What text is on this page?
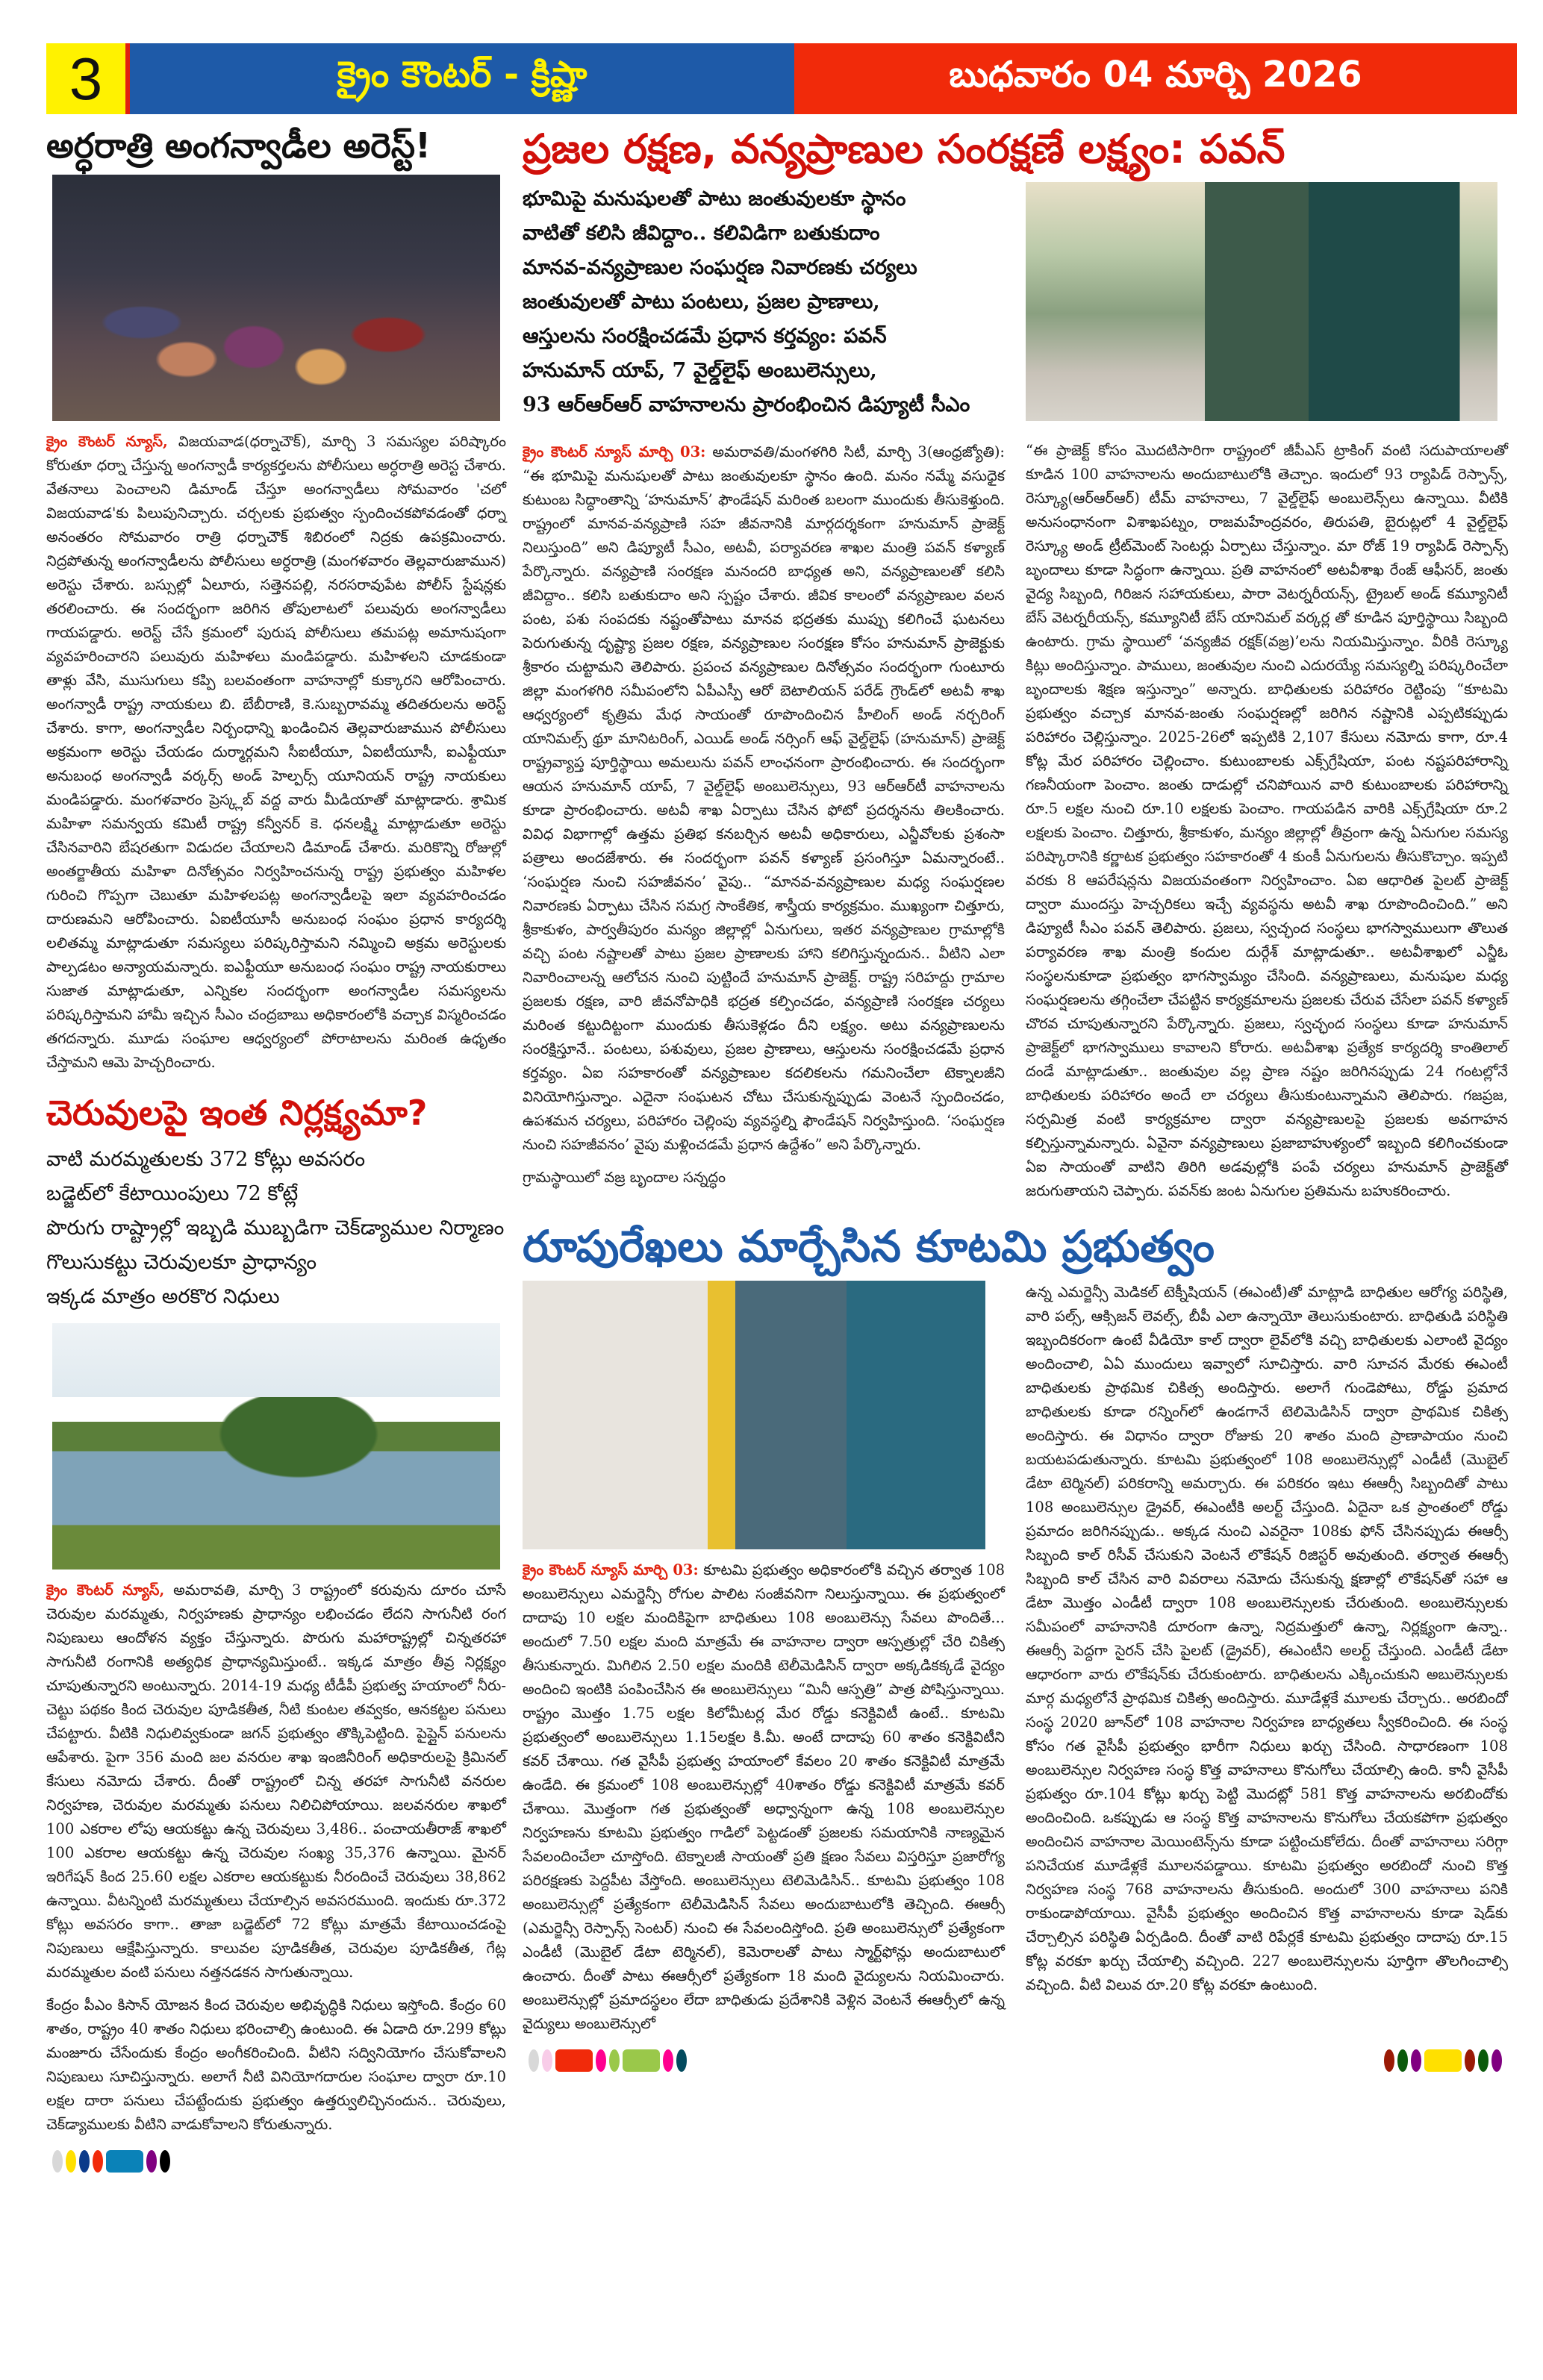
3	క్రైం కౌంటర్ - క్రిష్ణా	బుధవారం 04 మార్చి 2026
అర్ధరాత్రి అంగన్వాడీల అరెస్ట్!
క్రైం కౌంటర్ న్యూస్, విజయవాడ(ధర్నాచౌక్), మార్చి 3 సమస్యల పరిష్కారం కోరుతూ ధర్నా చేస్తున్న అంగన్వాడీ కార్యకర్తలను పోలీసులు అర్ధరాత్రి అరెస్ట చేశారు. వేతనాలు పెంచాలని డిమాండ్ చేస్తూ అంగన్వాడీలు సోమవారం 'చలో విజయవాడ'కు పిలుపునిచ్చారు. చర్చలకు ప్రభుత్వం స్పందించకపోవడంతో ధర్నా అనంతరం సోమవారం రాత్రి ధర్నాచౌక్ శిబిరంలో నిద్రకు ఉపక్రమించారు. నిద్రపోతున్న అంగన్వాడీలను పోలీసులు అర్ధరాత్రి (మంగళవారం తెల్లవారుజామున) అరెస్టు చేశారు. బస్సుల్లో ఏలూరు, సత్తెనపల్లి, నరసరావుపేట పోలీస్ స్టేషన్లకు తరలించారు. ఈ సందర్భంగా జరిగిన తోపులాటలో పలువురు అంగన్వాడీలు గాయపడ్డారు. అరెస్ట్ చేసే క్రమంలో పురుష పోలీసులు తమపట్ల అమానుషంగా వ్యవహరించారని పలువురు మహిళలు మండిపడ్డారు. మహిళలని చూడకుండా తాళ్లు వేసి, ముసుగులు కప్పి బలవంతంగా వాహనాల్లో కుక్కారని ఆరోపించారు. అంగన్వాడీ రాష్ట్ర నాయకులు బి. బేబీరాణి, కె.సుబ్బరావమ్మ తదితరులను అరెస్ట్ చేశారు. కాగా, అంగన్వాడీల నిర్బంధాన్ని ఖండించిన తెల్లవారుజామున పోలీసులు అక్రమంగా అరెస్టు చేయడం దుర్మార్గమని సీఐటీయూ, ఏఐటీయూసీ, ఐఎఫ్టీయూ అనుబంధ అంగన్వాడీ వర్కర్స్ అండ్ హెల్పర్స్ యూనియన్ రాష్ట్ర నాయకులు మండిపడ్డారు. మంగళవారం ప్రెస్క్లబ్ వద్ద వారు మీడియాతో మాట్లాడారు. శ్రామిక మహిళా సమన్వయ కమిటీ రాష్ట్ర కన్వీనర్ కె. ధనలక్ష్మి మాట్లాడుతూ అరెస్టు చేసినవారిని బేషరతుగా విడుదల చేయాలని డిమాండ్ చేశారు. మరికొన్ని రోజుల్లో అంతర్జాతీయ మహిళా దినోత్సవం నిర్వహించనున్న రాష్ట్ర ప్రభుత్వం మహిళల గురించి గొప్పగా చెబుతూ మహిళలపట్ల అంగన్వాడీలపై ఇలా వ్యవహరించడం దారుణమని ఆరోపించారు. ఏఐటీయూసీ అనుబంధ సంఘం ప్రధాన కార్యదర్శి లలితమ్మ మాట్లాడుతూ సమస్యలు పరిష్కరిస్తామని నమ్మించి అక్రమ అరెస్టులకు పాల్పడటం అన్యాయమన్నారు. ఐఎఫ్టీయూ అనుబంధ సంఘం రాష్ట్ర నాయకురాలు సుజాత మాట్లాడుతూ, ఎన్నికల సందర్భంగా అంగన్వాడీల సమస్యలను పరిష్కరిస్తామని హామీ ఇచ్చిన సీఎం చంద్రబాబు అధికారంలోకి వచ్చాక విస్మరించడం తగదన్నారు. మూడు సంఘాల ఆధ్వర్యంలో పోరాటాలను మరింత ఉధృతం చేస్తామని ఆమె హెచ్చరించారు.
చెరువులపై ఇంత నిర్లక్ష్యమా?
వాటి మరమ్మతులకు 372 కోట్లు అవసరం
బడ్జెట్‌లో కేటాయింపులు 72 కోట్లే
పొరుగు రాష్ట్రాల్లో ఇబ్బడి ముబ్బడిగా చెక్‌డ్యాముల నిర్మాణం
గొలుసుకట్టు చెరువులకూ ప్రాధాన్యం
ఇక్కడ మాత్రం అరకొర నిధులు
క్రైం కౌంటర్ న్యూస్, అమరావతి, మార్చి 3 రాష్ట్రంలో కరువును దూరం చూసే చెరువుల మరమ్మతు, నిర్వహణకు ప్రాధాన్యం లభించడం లేదని సాగునీటి రంగ నిపుణులు ఆందోళన వ్యక్తం చేస్తున్నారు. పొరుగు మహారాష్ట్రల్లో చిన్నతరహా సాగునీటి రంగానికి అత్యధిక ప్రాధాన్యమిస్తుంటే.. ఇక్కడ మాత్రం తీవ్ర నిర్లక్ష్యం చూపుతున్నారని అంటున్నారు. 2014-19 మధ్య టీడీపీ ప్రభుత్వ హయాంలో నీరు-చెట్టు పథకం కింద చెరువుల పూడికతీత, నీటి కుంటల తవ్వకం, ఆనకట్టల పనులు చేపట్టారు. వీటికి నిధులివ్వకుండా జగన్ ప్రభుత్వం తొక్కిపెట్టింది. పైప్లైన్ పనులను ఆపేశారు. పైగా 356 మంది జల వనరుల శాఖ ఇంజినీరింగ్ అధికారులపై క్రిమినల్ కేసులు నమోదు చేశారు. దీంతో రాష్ట్రంలో చిన్న తరహా సాగునీటి వనరుల నిర్వహణ, చెరువుల మరమ్మతు పనులు నిలిచిపోయాయి. జలవనరుల శాఖలో 100 ఎకరాల లోపు ఆయకట్టు ఉన్న చెరువులు 3,486.. పంచాయతీరాజ్ శాఖలో 100 ఎకరాల ఆయకట్టు ఉన్న చెరువుల సంఖ్య 35,376 ఉన్నాయి. మైనర్ ఇరిగేషన్ కింద 25.60 లక్షల ఎకరాల ఆయకట్టుకు నీరందించే చెరువులు 38,862 ఉన్నాయి. వీటన్నింటి మరమ్మతులు చేయాల్సిన అవసరముంది. ఇందుకు రూ.372 కోట్లు అవసరం కాగా.. తాజా బడ్జెట్‌లో 72 కోట్లు మాత్రమే కేటాయించడంపై నిపుణులు ఆక్షేపిస్తున్నారు. కాలువల పూడికతీత, చెరువుల పూడికతీత, గేట్ల మరమ్మతుల వంటి పనులు నత్తనడకన సాగుతున్నాయి.
కేంద్రం పీఎం కిసాన్ యోజన కింద చెరువుల అభివృద్ధికి నిధులు ఇస్తోంది. కేంద్రం 60 శాతం, రాష్ట్రం 40 శాతం నిధులు భరించాల్సి ఉంటుంది. ఈ ఏడాది రూ.299 కోట్లు మంజూరు చేసేందుకు కేంద్రం అంగీకరించింది. వీటిని సద్వినియోగం చేసుకోవాలని నిపుణులు సూచిస్తున్నారు. అలాగే నీటి వినియోగదారుల సంఘాల ద్వారా రూ.10 లక్షల దారా పనులు చేపట్టేందుకు ప్రభుత్వం ఉత్తర్వులిచ్చినందున.. చెరువులు, చెక్‌డ్యాములకు వీటిని వాడుకోవాలని కోరుతున్నారు.
ప్రజల రక్షణ, వన్యప్రాణుల సంరక్షణే లక్ష్యం: పవన్
భూమిపై మనుషులతో పాటు జంతువులకూ స్థానం
వాటితో కలిసి జీవిద్దాం.. కలివిడిగా బతుకుదాం
మానవ-వన్యప్రాణుల సంఘర్షణ నివారణకు చర్యలు
జంతువులతో పాటు పంటలు, ప్రజల ప్రాణాలు,
ఆస్తులను సంరక్షించడమే ప్రధాన కర్తవ్యం: పవన్
హనుమాన్ యాప్, 7 వైల్డ్‌లైఫ్ అంబులెన్సులు,
93 ఆర్‌ఆర్‌ఆర్ వాహనాలను ప్రారంభించిన డిప్యూటీ సీఎం
క్రైం కౌంటర్ న్యూస్ మార్చి 03: అమరావతి/మంగళగిరి సిటీ, మార్చి 3(ఆంధ్రజ్యోతి): “ఈ భూమిపై మనుషులతో పాటు జంతువులకూ స్థానం ఉంది. మనం నమ్మే వసుధైక కుటుంబ సిద్ధాంతాన్ని ‘హనుమాన్’ ఫౌండేషన్ మరింత బలంగా ముందుకు తీసుకెళ్తుంది. రాష్ట్రంలో మానవ-వన్యప్రాణి సహ జీవనానికి మార్గదర్శకంగా హనుమాన్ ప్రాజెక్ట్ నిలుస్తుంది” అని డిప్యూటీ సీఎం, అటవీ, పర్యావరణ శాఖల మంత్రి పవన్ కళ్యాణ్ పేర్కొన్నారు. వన్యప్రాణి సంరక్షణ మనందరి బాధ్యత అని, వన్యప్రాణులతో కలిసి జీవిద్దాం.. కలిసి బతుకుదాం అని స్పష్టం చేశారు. జీవిక కాలంలో వన్యప్రాణుల వలన పంట, పశు సంపదకు నష్టంతోపాటు మానవ భద్రతకు ముప్పు కలిగించే ఘటనలు పెరుగుతున్న దృష్ట్యా ప్రజల రక్షణ, వన్యప్రాణుల సంరక్షణ కోసం హనుమాన్ ప్రాజెక్టుకు శ్రీకారం చుట్టామని తెలిపారు. ప్రపంచ వన్యప్రాణుల దినోత్సవం సందర్భంగా గుంటూరు జిల్లా మంగళగిరి సమీపంలోని ఏపీఎస్పీ ఆరో బెటాలియన్ పరేడ్ గ్రౌండ్‌లో అటవీ శాఖ ఆధ్వర్యంలో కృత్రిమ మేధ సాయంతో రూపొందించిన హీలింగ్ అండ్ నర్చరింగ్ యానిమల్స్ థ్రూ మానిటరింగ్, ఎయిడ్ అండ్ నర్సింగ్ ఆఫ్ వైల్డ్‌లైఫ్ (హనుమాన్) ప్రాజెక్ట్ రాష్ట్రవ్యాప్త పూర్తిస్థాయి అమలును పవన్ లాంఛనంగా ప్రారంభించారు. ఈ సందర్భంగా ఆయన హనుమాన్ యాప్, 7 వైల్డ్‌లైఫ్ అంబులెన్సులు, 93 ఆర్‌ఆర్‌టీ వాహనాలను కూడా ప్రారంభించారు. అటవీ శాఖ ఏర్పాటు చేసిన ఫోటో ప్రదర్శనను తిలకించారు. వివిధ విభాగాల్లో ఉత్తమ ప్రతిభ కనబర్చిన అటవీ అధికారులు, ఎన్జీవోలకు ప్రశంసా పత్రాలు అందజేశారు. ఈ సందర్భంగా పవన్ కళ్యాణ్ ప్రసంగిస్తూ ఏమన్నారంటే.. ‘సంఘర్షణ నుంచి సహజీవనం’ వైపు.. “మానవ-వన్యప్రాణుల మధ్య సంఘర్షణల నివారణకు ఏర్పాటు చేసిన సమగ్ర సాంకేతిక, శాస్త్రీయ కార్యక్రమం. ముఖ్యంగా చిత్తూరు, శ్రీకాకుళం, పార్వతీపురం మన్యం జిల్లాల్లో ఏనుగులు, ఇతర వన్యప్రాణుల గ్రామాల్లోకి వచ్చి పంట నష్టాలతో పాటు ప్రజల ప్రాణాలకు హాని కలిగిస్తున్నందున.. వీటిని ఎలా నివారించాలన్న ఆలోచన నుంచి పుట్టిందే హనుమాన్ ప్రాజెక్ట్. రాష్ట్ర సరిహద్దు గ్రామాల ప్రజలకు రక్షణ, వారి జీవనోపాధికి భద్రత కల్పించడం, వన్యప్రాణి సంరక్షణ చర్యలు మరింత కట్టుదిట్టంగా ముందుకు తీసుకెళ్లడం దీని లక్ష్యం. అటు వన్యప్రాణులను సంరక్షిస్తూనే.. పంటలు, పశువులు, ప్రజల ప్రాణాలు, ఆస్తులను సంరక్షించడమే ప్రధాన కర్తవ్యం. ఏఐ సహకారంతో వన్యప్రాణుల కదలికలను గమనించేలా టెక్నాలజీని వినియోగిస్తున్నాం. ఎదైనా సంఘటన చోటు చేసుకున్నప్పుడు వెంటనే స్పందించడం, ఉపశమన చర్యలు, పరిహారం చెల్లింపు వ్యవస్థల్ని ఫౌండేషన్ నిర్వహిస్తుంది. ‘సంఘర్షణ నుంచి సహజీవనం’ వైపు మళ్లించడమే ప్రధాన ఉద్దేశం” అని పేర్కొన్నారు.
గ్రామస్థాయిలో వజ్ర బృందాల సన్నద్ధం
“ఈ ప్రాజెక్ట్ కోసం మొదటిసారిగా రాష్ట్రంలో జీపీఎస్ ట్రాకింగ్ వంటి సదుపాయాలతో కూడిన 100 వాహనాలను అందుబాటులోకి తెచ్చాం. ఇందులో 93 ర్యాపిడ్ రెస్పాన్స్, రెస్క్యూ(ఆర్‌ఆర్‌ఆర్) టీమ్ వాహనాలు, 7 వైల్డ్‌లైఫ్ అంబులెన్స్‌లు ఉన్నాయి. వీటికి అనుసంధానంగా విశాఖపట్నం, రాజమహేంద్రవరం, తిరుపతి, బైరుట్లలో 4 వైల్డ్‌లైఫ్ రెస్క్యూ అండ్ ట్రీట్‌మెంట్ సెంటర్లు ఏర్పాటు చేస్తున్నాం. మా రోజ్ 19 ర్యాపిడ్ రెస్పాన్స్ బృందాలు కూడా సిద్ధంగా ఉన్నాయి. ప్రతి వాహనంలో అటవీశాఖ రేంజ్ ఆఫీసర్, జంతు వైద్య సిబ్బంది, గిరిజన సహాయకులు, పారా వెటర్నరీయన్స్, ట్రైబల్ అండ్ కమ్యూనిటీ బేస్ వెటర్నరీయన్స్, కమ్యూనిటీ బేస్ యానిమల్ వర్కర్ల తో కూడిన పూర్తిస్థాయి సిబ్బంది ఉంటారు. గ్రామ స్థాయిలో ‘వన్యజీవ రక్షక్(వజ్ర)’లను నియమిస్తున్నాం. వీరికి రెస్క్యూ కిట్లు అందిస్తున్నాం. పాములు, జంతువుల నుంచి ఎదురయ్యే సమస్యల్ని పరిష్కరించేలా బృందాలకు శిక్షణ ఇస్తున్నాం” అన్నారు. బాధితులకు పరిహారం రెట్టింపు “కూటమి ప్రభుత్వం వచ్చాక మానవ-జంతు సంఘర్షణల్లో జరిగిన నష్టానికి ఎప్పటికప్పుడు పరిహారం చెల్లిస్తున్నాం. 2025-26లో ఇప్పటికి 2,107 కేసులు నమోదు కాగా, రూ.4 కోట్ల మేర పరిహారం చెల్లించాం. కుటుంబాలకు ఎక్స్‌గ్రేషియా, పంట నష్టపరిహారాన్ని గణనీయంగా పెంచాం. జంతు దాడుల్లో చనిపోయిన వారి కుటుంబాలకు పరిహారాన్ని రూ.5 లక్షల నుంచి రూ.10 లక్షలకు పెంచాం. గాయపడిన వారికి ఎక్స్‌గ్రేషియా రూ.2 లక్షలకు పెంచాం. చిత్తూరు, శ్రీకాకుళం, మన్యం జిల్లాల్లో తీవ్రంగా ఉన్న ఏనుగుల సమస్య పరిష్కారానికి కర్ణాటక ప్రభుత్వం సహకారంతో 4 కుంకీ ఏనుగులను తీసుకొచ్చాం. ఇప్పటి వరకు 8 ఆపరేషన్లను విజయవంతంగా నిర్వహించాం. ఏఐ ఆధారిత పైలట్ ప్రాజెక్ట్ ద్వారా ముందస్తు హెచ్చరికలు ఇచ్చే వ్యవస్థను అటవీ శాఖ రూపొందించింది.” అని డిప్యూటీ సీఎం పవన్ తెలిపారు. ప్రజలు, స్వచ్ఛంద సంస్థలు భాగస్వాములుగా తొలుత పర్యావరణ శాఖ మంత్రి కందుల దుర్గేశ్ మాట్లాడుతూ.. అటవీశాఖలో ఎన్జీఓ సంస్థలనుకూడా ప్రభుత్వం భాగస్వామ్యం చేసింది. వన్యప్రాణులు, మనుషుల మధ్య సంఘర్షణలను తగ్గించేలా చేపట్టిన కార్యక్రమాలను ప్రజలకు చేరువ చేసేలా పవన్ కళ్యాణ్ చొరవ చూపుతున్నారని పేర్కొన్నారు. ప్రజలు, స్వచ్ఛంద సంస్థలు కూడా హనుమాన్ ప్రాజెక్ట్‌లో భాగస్వాములు కావాలని కోరారు. అటవీశాఖ ప్రత్యేక కార్యదర్శి కాంతిలాల్ దండే మాట్లాడుతూ.. జంతువుల వల్ల ప్రాణ నష్టం జరిగినప్పుడు 24 గంటల్లోనే బాధితులకు పరిహారం అందే లా చర్యలు తీసుకుంటున్నామని తెలిపారు. గజప్రజ, సర్పమిత్ర వంటి కార్యక్రమాల ద్వారా వన్యప్రాణులపై ప్రజలకు అవగాహన కల్పిస్తున్నామన్నారు. ఏవైనా వన్యప్రాణులు ప్రజాబాహుళ్యంలో ఇబ్బంది కలిగించకుండా ఏఐ సాయంతో వాటిని తిరిగి అడవుల్లోకి పంపే చర్యలు హనుమాన్ ప్రాజెక్ట్‌తో జరుగుతాయని చెప్పారు. పవన్‌కు జంట ఏనుగుల ప్రతిమను బహుకరించారు.
రూపురేఖలు మార్చేసిన కూటమి ప్రభుత్వం
క్రైం కౌంటర్ న్యూస్ మార్చి 03: కూటమి ప్రభుత్వం అధికారంలోకి వచ్చిన తర్వాత 108 అంబులెన్సులు ఎమర్జెన్సీ రోగుల పాలిట సంజీవనిగా నిలుస్తున్నాయి. ఈ ప్రభుత్వంలో దాదాపు 10 లక్షల మందికిపైగా బాధితులు 108 అంబులెన్సు సేవలు పొందితే... అందులో 7.50 లక్షల మంది మాత్రమే ఈ వాహనాల ద్వారా ఆస్పత్రుల్లో చేరి చికిత్స తీసుకున్నారు. మిగిలిన 2.50 లక్షల మందికి టెలీమెడిసిన్ ద్వారా అక్కడికక్కడే వైద్యం అందించి ఇంటికి పంపించేసిన ఈ అంబులెన్సులు “మినీ ఆస్పత్రి” పాత్ర పోషిస్తున్నాయి. రాష్ట్రం మొత్తం 1.75 లక్షల కిలోమీటర్ల మేర రోడ్డు కనెక్టివిటీ ఉంటే.. కూటమి ప్రభుత్వంలో అంబులెన్సులు 1.15లక్షల కి.మీ. అంటే దాదాపు 60 శాతం కనెక్టివిటీని కవర్ చేశాయి. గత వైసీపీ ప్రభుత్వ హయాంలో కేవలం 20 శాతం కనెక్టివిటీ మాత్రమే ఉండేది. ఈ క్రమంలో 108 అంబులెన్సుల్లో 40శాతం రోడ్డు కనెక్టివిటీ మాత్రమే కవర్ చేశాయి. మొత్తంగా గత ప్రభుత్వంతో అధ్వాన్నంగా ఉన్న 108 అంబులెన్సుల నిర్వహణను కూటమి ప్రభుత్వం గాడిలో పెట్టడంతో ప్రజలకు సమయానికి నాణ్యమైన సేవలందించేలా చూస్తోంది. టెక్నాలజీ సాయంతో ప్రతి క్షణం సేవలు విస్తరిస్తూ ప్రజారోగ్య పరిరక్షణకు పెద్దపీట వేస్తోంది. అంబులెన్సులు టెలిమెడిసిన్.. కూటమి ప్రభుత్వం 108 అంబులెన్సుల్లో ప్రత్యేకంగా టెలీమెడిసిన్ సేవలు అందుబాటులోకి తెచ్చింది. ఈఆర్సీ (ఎమర్జెన్సీ రెస్పాన్స్ సెంటర్) నుంచి ఈ సేవలందిస్తోంది. ప్రతి అంబులెన్సులో ప్రత్యేకంగా ఎండీటీ (మొబైల్ డేటా టెర్మినల్), కెమెరాలతో పాటు స్మార్ట్‌ఫోన్లు అందుబాటులో ఉంచారు. దీంతో పాటు ఈఆర్సీలో ప్రత్యేకంగా 18 మంది వైద్యులను నియమించారు. అంబులెన్సుల్లో ప్రమాదస్థలం లేదా బాధితుడు ప్రదేశానికి వెళ్లిన వెంటనే ఈఆర్సీలో ఉన్న వైద్యులు అంబులెన్సులో
ఉన్న ఎమర్జెన్సీ మెడికల్ టెక్నీషియన్ (ఈఎంటీ)తో మాట్లాడి బాధితుల ఆరోగ్య పరిస్థితి, వారి పల్స్, ఆక్సిజన్ లెవల్స్, బీపీ ఎలా ఉన్నాయో తెలుసుకుంటారు. బాధితుడి పరిస్థితి ఇబ్బందికరంగా ఉంటే వీడియో కాల్ ద్వారా లైవ్‌లోకి వచ్చి బాధితులకు ఎలాంటి వైద్యం అందించాలి, ఏఏ ముందులు ఇవ్వాలో సూచిస్తారు. వారి సూచన మేరకు ఈఎంటీ బాధితులకు ప్రాథమిక చికిత్స అందిస్తారు. అలాగే గుండెపోటు, రోడ్డు ప్రమాద బాధితులకు కూడా రన్నింగ్‌లో ఉండగానే టెలిమెడిసిన్ ద్వారా ప్రాథమిక చికిత్స అందిస్తారు. ఈ విధానం ద్వారా రోజుకు 20 శాతం మంది ప్రాణాపాయం నుంచి బయటపడుతున్నారు. కూటమి ప్రభుత్వంలో 108 అంబులెన్సుల్లో ఎండీటీ (మొబైల్ డేటా టెర్మినల్) పరికరాన్ని అమర్చారు. ఈ పరికరం ఇటు ఈఆర్సీ సిబ్బందితో పాటు 108 అంబులెన్సుల డ్రైవర్, ఈఎంటీకి అలర్ట్ చేస్తుంది. ఏదైనా ఒక ప్రాంతంలో రోడ్డు ప్రమాదం జరిగినప్పుడు.. అక్కడ నుంచి ఎవరైనా 108కు ఫోన్ చేసినప్పుడు ఈఆర్సీ సిబ్బంది కాల్ రిసీవ్ చేసుకుని వెంటనే లొకేషన్ రిజిస్టర్ అవుతుంది. తర్వాత ఈఆర్సీ సిబ్బంది కాల్ చేసిన వారి వివరాలు నమోదు చేసుకున్న క్షణాల్లో లొకేషన్‌తో సహా ఆ డేటా మొత్తం ఎండీటీ ద్వారా 108 అంబులెన్సులకు చేరుతుంది. అంబులెన్సులకు సమీపంలో వాహనానికి దూరంగా ఉన్నా, నిద్రమత్తులో ఉన్నా, నిర్లక్ష్యంగా ఉన్నా.. ఈఆర్సీ పెద్దగా సైరన్ చేసి పైలట్ (డ్రైవర్), ఈఎంటీని అలర్ట్ చేస్తుంది. ఎండీటీ డేటా ఆధారంగా వారు లొకేషన్‌కు చేరుకుంటారు. బాధితులను ఎక్కించుకుని అబులెన్సులకు మార్గ మధ్యలోనే ప్రాథమిక చికిత్స అందిస్తారు. మూడేళ్లకే మూలకు చేర్చారు.. అరబిందో సంస్థ 2020 జూన్‌లో 108 వాహనాల నిర్వహణ బాధ్యతలు స్వీకరించింది. ఈ సంస్థ కోసం గత వైసీపీ ప్రభుత్వం భారీగా నిధులు ఖర్చు చేసింది. సాధారణంగా 108 అంబులెన్సుల నిర్వహణ సంస్థ కొత్త వాహనాలు కొనుగోలు చేయాల్సి ఉంది. కానీ వైసీపీ ప్రభుత్వం రూ.104 కోట్లు ఖర్చు పెట్టి మొదట్లో 581 కొత్త వాహనాలను అరబిందోకు అందించింది. ఒకప్పుడు ఆ సంస్థ కొత్త వాహనాలను కొనుగోలు చేయకపోగా ప్రభుత్వం అందించిన వాహనాల మెయింటెన్స్‌ను కూడా పట్టించుకోలేదు. దీంతో వాహనాలు సరిగ్గా పనిచేయక మూడేళ్లకే మూలనపడ్డాయి. కూటమి ప్రభుత్వం అరబిందో నుంచి కొత్త నిర్వహణ సంస్థ 768 వాహనాలను తీసుకుంది. అందులో 300 వాహనాలు పనికి రాకుండాపోయాయి. వైసీపీ ప్రభుత్వం అందించిన కొత్త వాహనాలను కూడా షెడ్‌కు చేర్చాల్సిన పరిస్థితి ఏర్పడింది. దీంతో వాటి రిపేర్లకే కూటమి ప్రభుత్వం దాదాపు రూ.15 కోట్ల వరకూ ఖర్చు చేయాల్సి వచ్చింది. 227 అంబులెన్సులను పూర్తిగా తొలగించాల్సి వచ్చింది. వీటి విలువ రూ.20 కోట్ల వరకూ ఉంటుంది.
